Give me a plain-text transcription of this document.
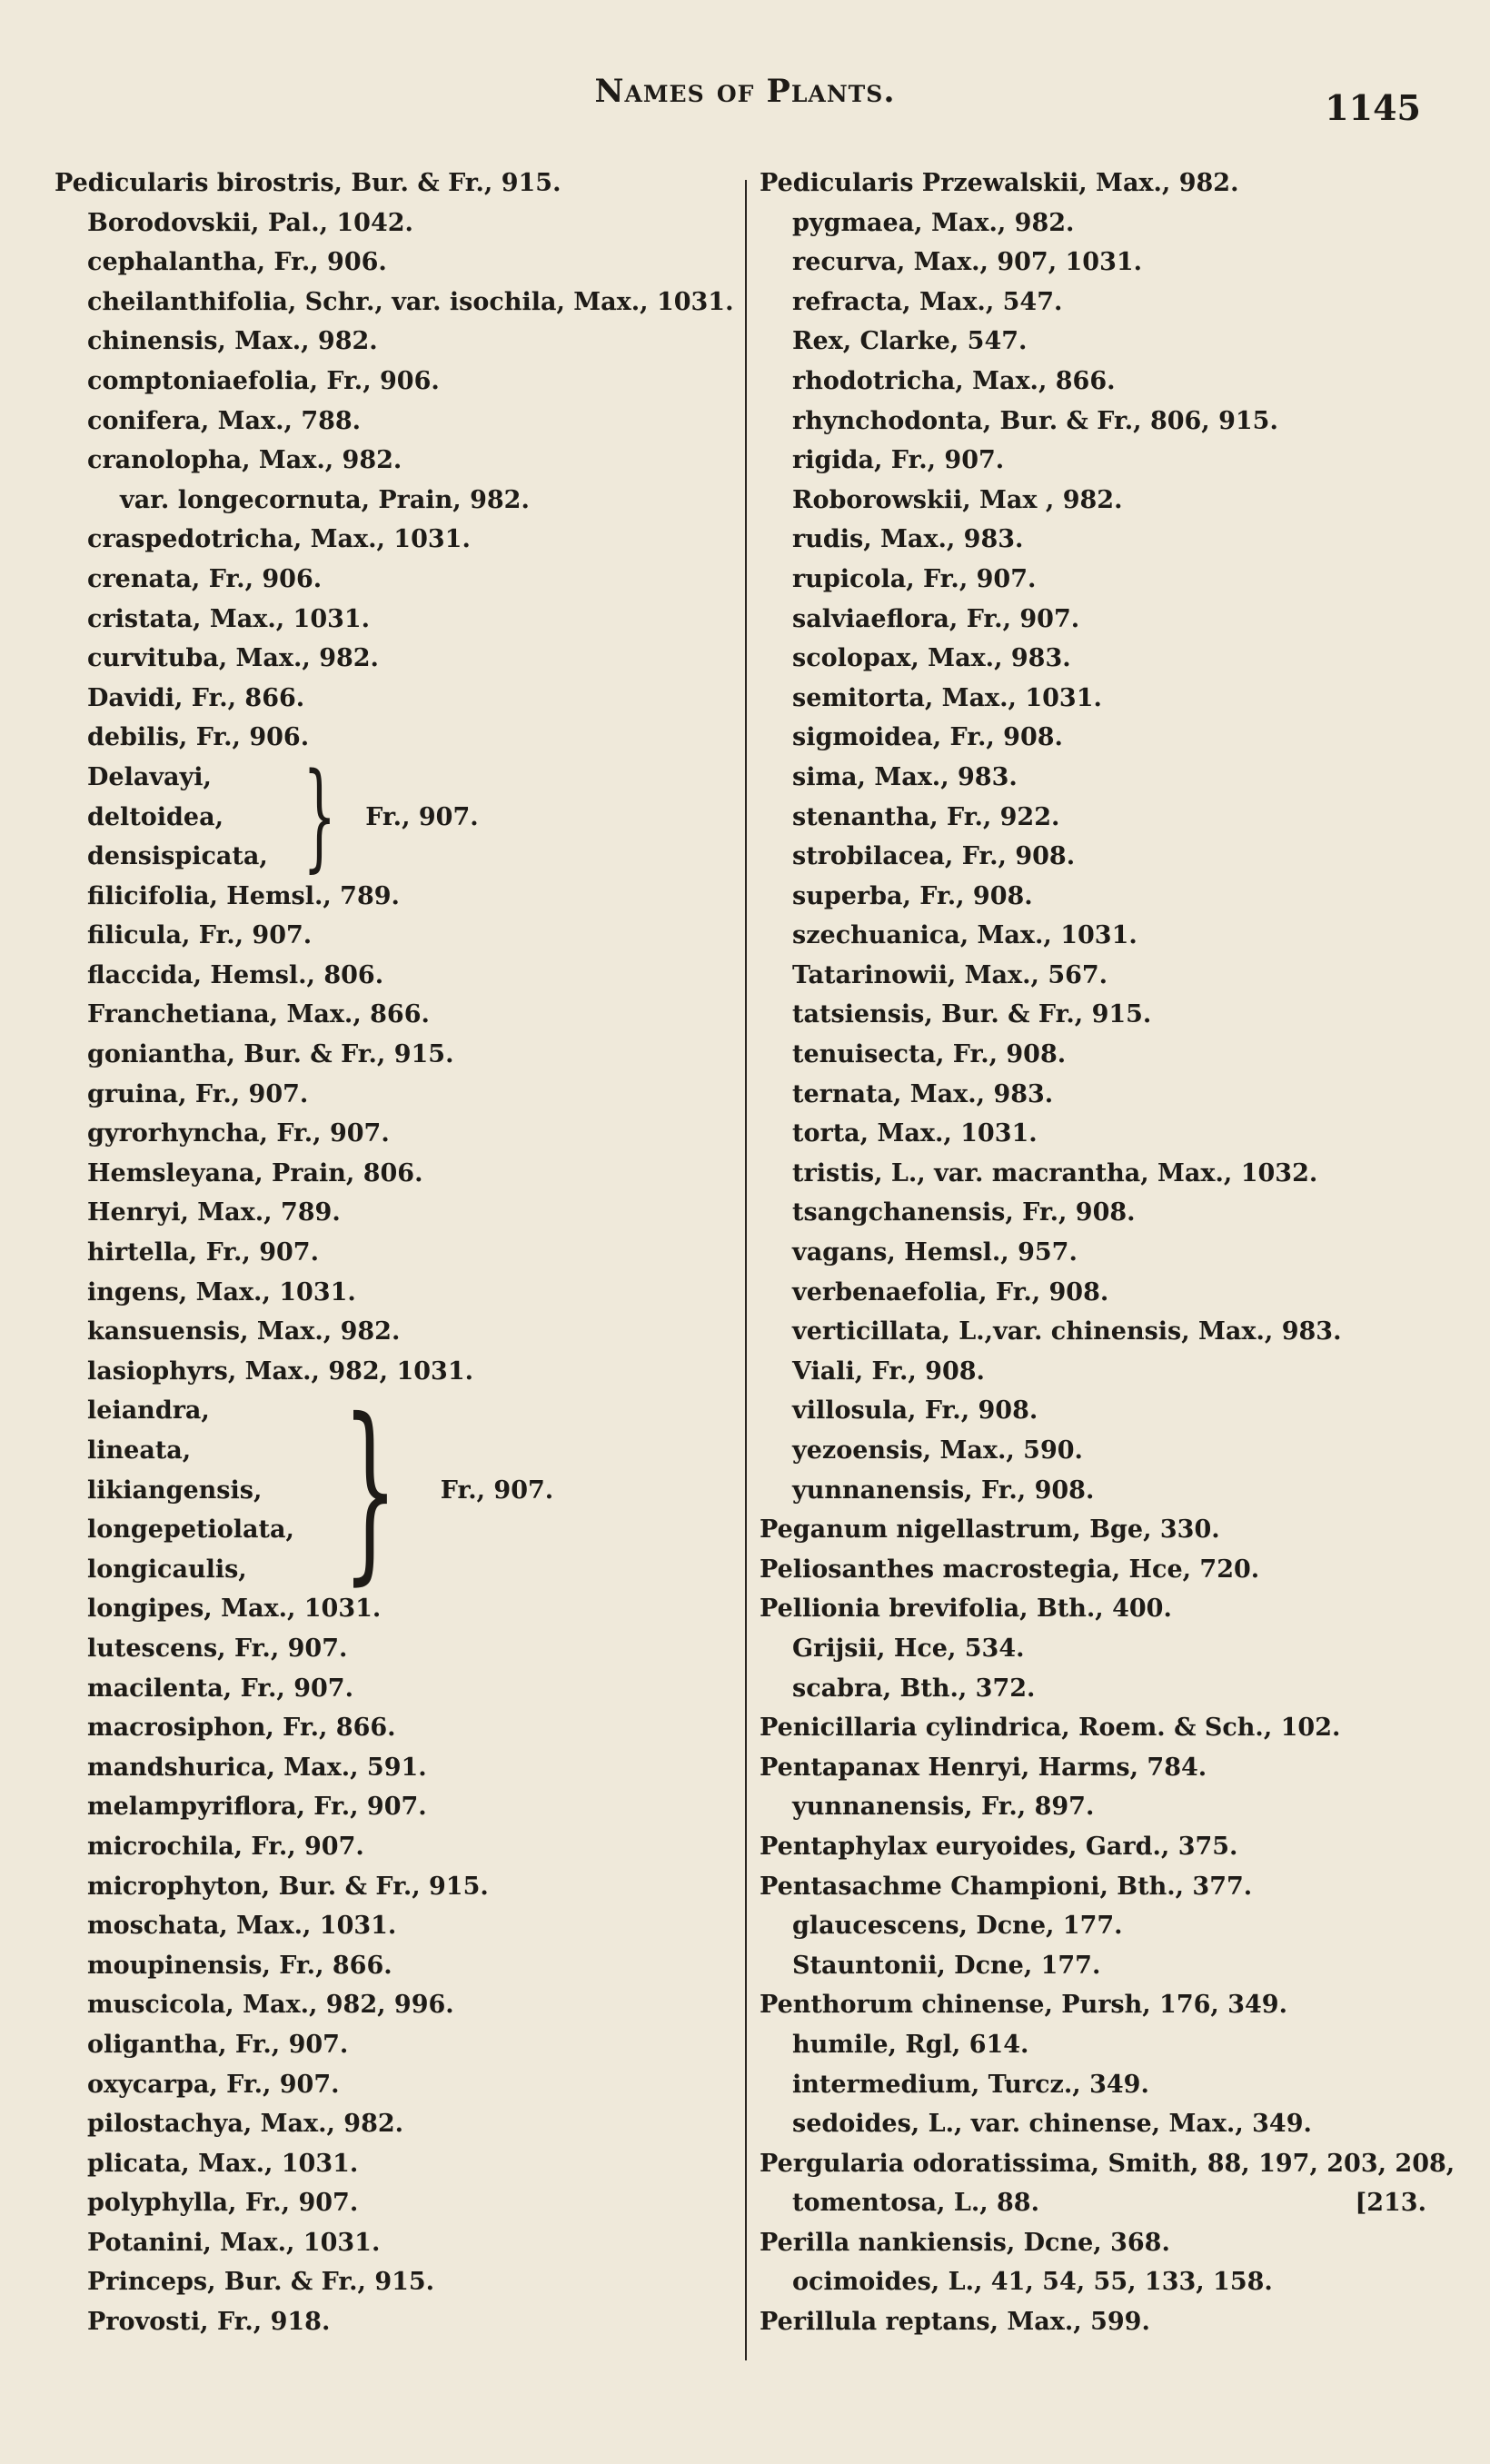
Names of Plants.	1145
Pedicularis birostris, Bur. & Fr., 915.
Borodovskii, Pal., 1042.
cephalantha, Fr., 906.
cheilanthifolia, Schr., var. isochila, Max., 1031.
chinensis, Max., 982.
comptoniaefolia, Fr., 906.
conifera, Max., 788.
cranolopha, Max., 982.
var. longecornuta, Prain, 982.
craspedotricha, Max., 1031.
crenata, Fr., 906.
cristata, Max., 1031.
curvituba, Max., 982.
Davidi, Fr., 866.
debilis, Fr., 906.
Delavayi,
deltoidea,
densispicata, } Fr., 907.
filicifolia, Hemsl., 789.
filicula, Fr., 907.
flaccida, Hemsl., 806.
Franchetiana, Max., 866.
goniantha, Bur. & Fr., 915.
gruina, Fr., 907.
gyrorhyncha, Fr., 907.
Hemsleyana, Prain, 806.
Henryi, Max., 789.
hirtella, Fr., 907.
ingens, Max., 1031.
kansuensis, Max., 982.
lasiophyrs, Max., 982, 1031.
leiandra,
lineata,
likiangensis,
longepetiolata,
longicaulis, } Fr., 907.
longipes, Max., 1031.
lutescens, Fr., 907.
macilenta, Fr., 907.
macrosiphon, Fr., 866.
mandshurica, Max., 591.
melampyriflora, Fr., 907.
microchila, Fr., 907.
microphyton, Bur. & Fr., 915.
moschata, Max., 1031.
moupinensis, Fr., 866.
muscicola, Max., 982, 996.
oligantha, Fr., 907.
oxycarpa, Fr., 907.
pilostachya, Max., 982.
plicata, Max., 1031.
polyphylla, Fr., 907.
Potanini, Max., 1031.
Princeps, Bur. & Fr., 915.
Provosti, Fr., 918.
Pedicularis Przewalskii, Max., 982.
pygmaea, Max., 982.
recurva, Max., 907, 1031.
refracta, Max., 547.
Rex, Clarke, 547.
rhodotricha, Max., 866.
rhynchodonta, Bur. & Fr., 806, 915.
rigida, Fr., 907.
Roborowskii, Max , 982.
rudis, Max., 983.
rupicola, Fr., 907.
salviaeflora, Fr., 907.
scolopax, Max., 983.
semitorta, Max., 1031.
sigmoidea, Fr., 908.
sima, Max., 983.
stenantha, Fr., 922.
strobilacea, Fr., 908.
superba, Fr., 908.
szechuanica, Max., 1031.
Tatarinowii, Max., 567.
tatsiensis, Bur. & Fr., 915.
tenuisecta, Fr., 908.
ternata, Max., 983.
torta, Max., 1031.
tristis, L., var. macrantha, Max., 1032.
tsangchanensis, Fr., 908.
vagans, Hemsl., 957.
verbenaefolia, Fr., 908.
verticillata, L.,var. chinensis, Max., 983.
Viali, Fr., 908.
villosula, Fr., 908.
yezoensis, Max., 590.
yunnanensis, Fr., 908.
Peganum nigellastrum, Bge, 330.
Peliosanthes macrostegia, Hce, 720.
Pellionia brevifolia, Bth., 400.
Grijsii, Hce, 534.
scabra, Bth., 372.
Penicillaria cylindrica, Roem. & Sch., 102.
Pentapanax Henryi, Harms, 784.
yunnanensis, Fr., 897.
Pentaphylax euryoides, Gard., 375.
Pentasachme Championi, Bth., 377.
glaucescens, Dcne, 177.
Stauntonii, Dcne, 177.
Penthorum chinense, Pursh, 176, 349.
humile, Rgl, 614.
intermedium, Turcz., 349.
sedoides, L., var. chinense, Max., 349.
Pergularia odoratissima, Smith, 88, 197, 203, 208,
tomentosa, L., 88.	[213.
Perilla nankiensis, Dcne, 368.
ocimoides, L., 41, 54, 55, 133, 158.
Perillula reptans, Max., 599.
